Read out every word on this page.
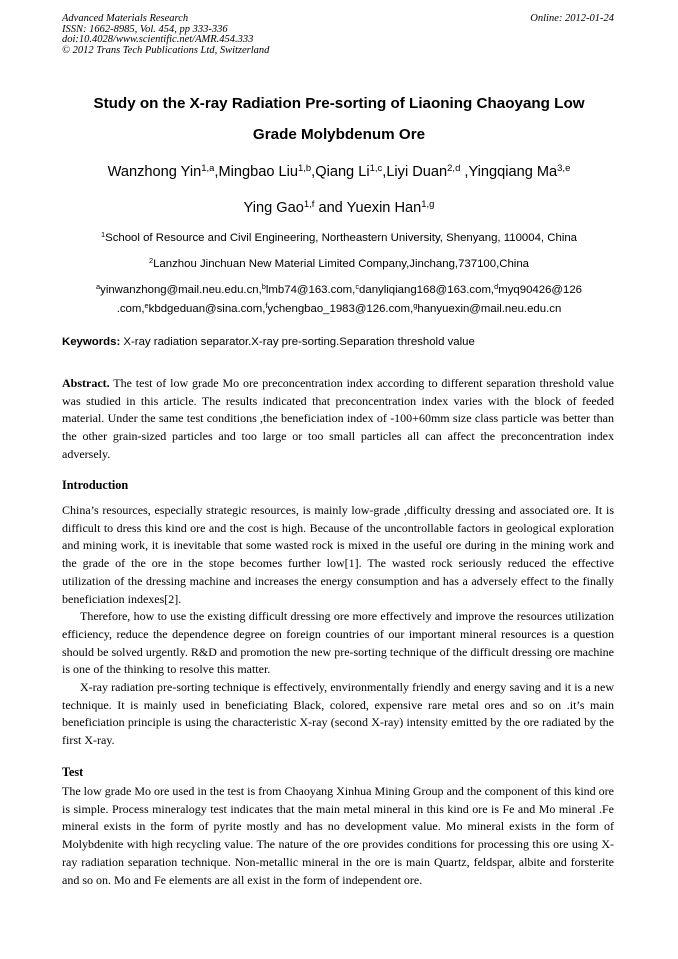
Advanced Materials Research
ISSN: 1662-8985, Vol. 454, pp 333-336
doi:10.4028/www.scientific.net/AMR.454.333
© 2012 Trans Tech Publications Ltd, Switzerland
Online: 2012-01-24
Study on the X-ray Radiation Pre-sorting of Liaoning Chaoyang Low
Grade Molybdenum Ore
Wanzhong Yin$^{1,a}$,Mingbao Liu$^{1,b}$,Qiang Li$^{1,c}$,Liyi Duan$^{2,d}$ ,Yingqiang Ma$^{3,e}$
Ying Gao$^{1,f}$ and Yuexin Han$^{1,g}$
$^1$School of Resource and Civil Engineering, Northeastern University, Shenyang, 110004, China
$^2$Lanzhou Jinchuan New Material Limited Company,Jinchang,737100,China
$^a$yinwanzhong@mail.neu.edu.cn,$^b$lmb74@163.com,$^c$danyliqiang168@163.com,$^d$myq90426@126
.com,$^e$kbdgeduan@sina.com,$^f$ychengbao_1983@126.com,$^g$hanyuexin@mail.neu.edu.cn
Keywords: X-ray radiation separator.X-ray pre-sorting.Separation threshold value
Abstract. The test of low grade Mo ore preconcentration index according to different separation threshold value was studied in this article. The results indicated that preconcentration index varies with the block of feeded material. Under the same test conditions ,the beneficiation index of -100+60mm size class particle was better than the other grain-sized particles and too large or too small particles all can affect the preconcentration index adversely.
Introduction

China’s resources, especially strategic resources, is mainly low-grade ,difficulty dressing and associated ore. It is difficult to dress this kind ore and the cost is high. Because of the uncontrollable factors in geological exploration and mining work, it is inevitable that some wasted rock is mixed in the useful ore during in the mining work and the grade of the ore in the stope becomes further low[1]. The wasted rock seriously reduced the effective utilization of the dressing machine and increases the energy consumption and has a adversely effect to the finally beneficiation indexes[2].

Therefore, how to use the existing difficult dressing ore more effectively and improve the resources utilization efficiency, reduce the dependence degree on foreign countries of our important mineral resources is a question should be solved urgently. R&D and promotion the new pre-sorting technique of the difficult dressing ore machine is one of the thinking to resolve this matter.

X-ray radiation pre-sorting technique is effectively, environmentally friendly and energy saving and it is a new technique. It is mainly used in beneficiating Black, colored, expensive rare metal ores and so on .it’s main beneficiation principle is using the characteristic X-ray (second X-ray) intensity emitted by the ore radiated by the first X-ray.

Test

The low grade Mo ore used in the test is from Chaoyang Xinhua Mining Group and the component of this kind ore is simple. Process mineralogy test indicates that the main metal mineral in this kind ore is Fe and Mo mineral .Fe mineral exists in the form of pyrite mostly and has no development value. Mo mineral exists in the form of Molybdenite with high recycling value. The nature of the ore provides conditions for processing this ore using X-ray radiation separation technique. Non-metallic mineral in the ore is main Quartz, feldspar, albite and forsterite and so on. Mo and Fe elements are all exist in the form of independent ore.
